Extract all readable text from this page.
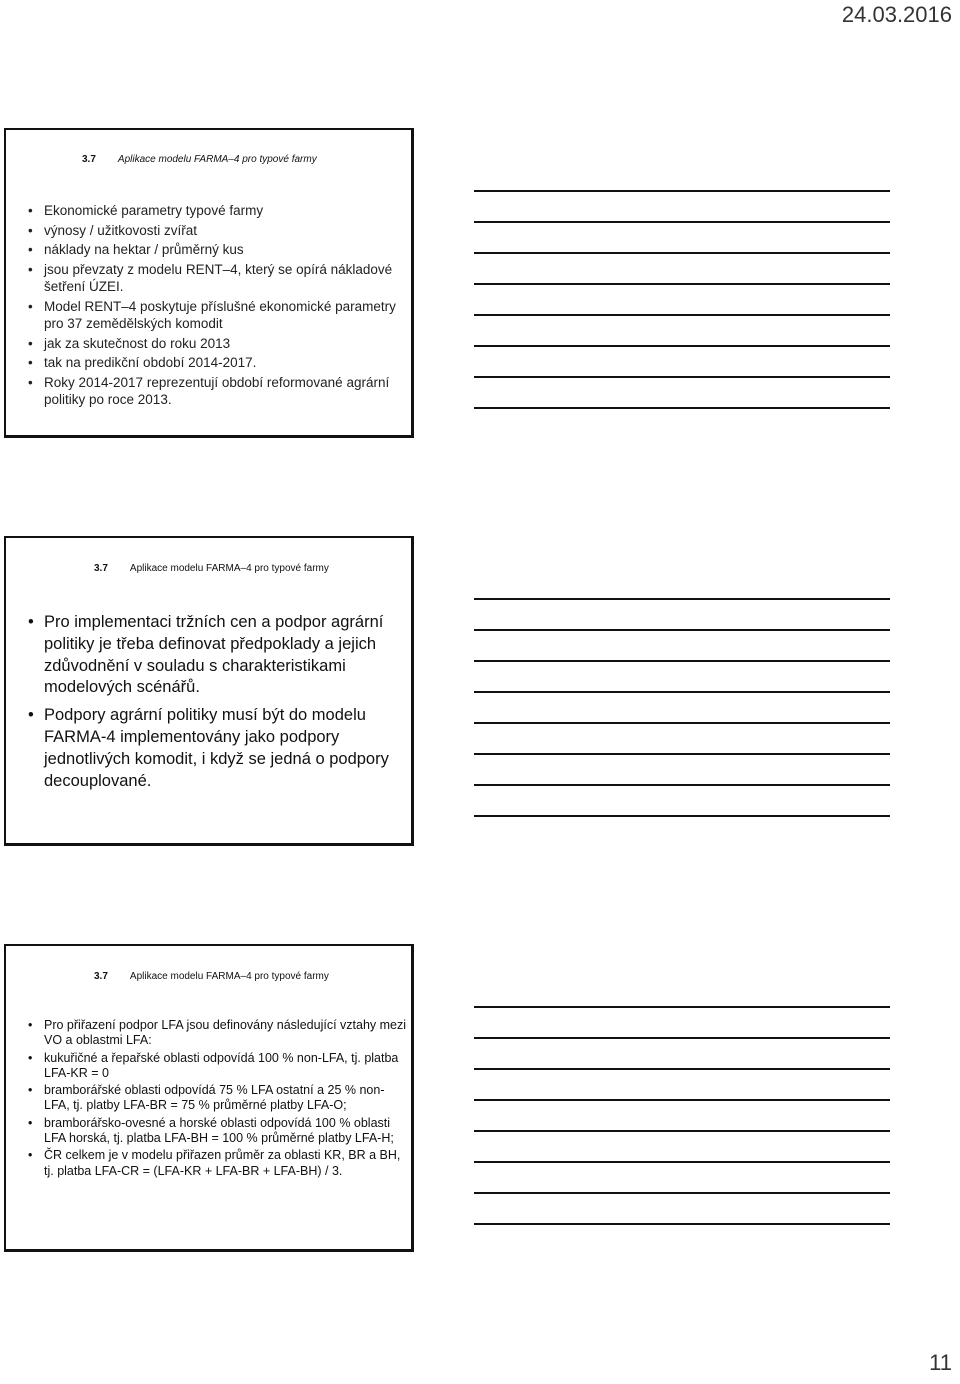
24.03.2016
3.7 Aplikace modelu FARMA–4 pro typové farmy
• Ekonomické parametry typové farmy
• výnosy / užitkovosti zvířat
• náklady na hektar / průměrný kus
• jsou převzaty z modelu RENT–4, který se opírá nákladové šetření ÚZEI.
• Model RENT–4 poskytuje příslušné ekonomické parametry pro 37 zemědělských komodit
• jak za skutečnost do roku 2013
• tak na predikční období 2014-2017.
• Roky 2014-2017 reprezentují období reformované agrární politiky po roce 2013.
3.7 Aplikace modelu FARMA–4 pro typové farmy
• Pro implementaci tržních cen a podpor agrární politiky je třeba definovat předpoklady a jejich zdůvodnění v souladu s charakteristikami modelových scénářů.
• Podpory agrární politiky musí být do modelu FARMA-4 implementovány jako podpory jednotlivých komodit, i když se jedná o podpory decouplované.
3.7 Aplikace modelu FARMA–4 pro typové farmy
• Pro přiřazení podpor LFA jsou definovány následující vztahy mezi VO a oblastmi LFA:
• kukuřičné a řepařské oblasti odpovídá 100 % non-LFA, tj. platba LFA-KR = 0
• bramborářské oblasti odpovídá 75 % LFA ostatní a 25 % non-LFA, tj. platby LFA-BR = 75 % průměrné platby LFA-O;
• bramborářsko-ovesné a horské oblasti odpovídá 100 % oblasti LFA horská, tj. platba LFA-BH = 100 % průměrné platby LFA-H;
• ČR celkem je v modelu přiřazen průměr za oblasti KR, BR a BH, tj. platba LFA-CR = (LFA-KR + LFA-BR + LFA-BH) / 3.
11
